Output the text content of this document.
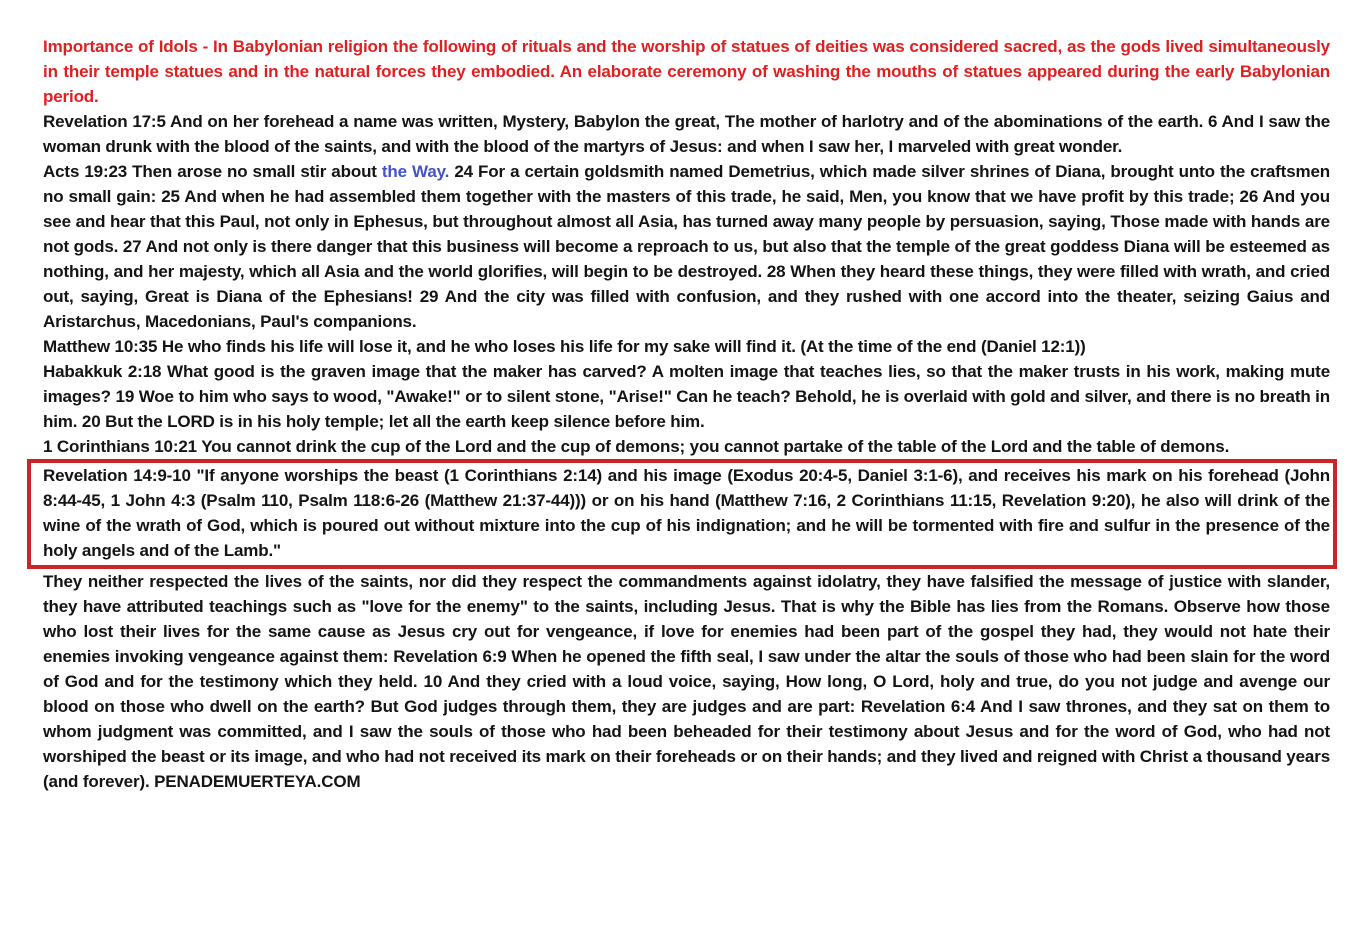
Importance of Idols - In Babylonian religion the following of rituals and the worship of statues of deities was considered sacred, as the gods lived simultaneously in their temple statues and in the natural forces they embodied. An elaborate ceremony of washing the mouths of statues appeared during the early Babylonian period.

Revelation 17:5 And on her forehead a name was written, Mystery, Babylon the great, The mother of harlotry and of the abominations of the earth. 6 And I saw the woman drunk with the blood of the saints, and with the blood of the martyrs of Jesus: and when I saw her, I marveled with great wonder.

Acts 19:23 Then arose no small stir about the Way. 24 For a certain goldsmith named Demetrius, which made silver shrines of Diana, brought unto the craftsmen no small gain: 25 And when he had assembled them together with the masters of this trade, he said, Men, you know that we have profit by this trade; 26 And you see and hear that this Paul, not only in Ephesus, but throughout almost all Asia, has turned away many people by persuasion, saying, Those made with hands are not gods. 27 And not only is there danger that this business will become a reproach to us, but also that the temple of the great goddess Diana will be esteemed as nothing, and her majesty, which all Asia and the world glorifies, will begin to be destroyed. 28 When they heard these things, they were filled with wrath, and cried out, saying, Great is Diana of the Ephesians! 29 And the city was filled with confusion, and they rushed with one accord into the theater, seizing Gaius and Aristarchus, Macedonians, Paul's companions.

Matthew 10:35 He who finds his life will lose it, and he who loses his life for my sake will find it. (At the time of the end (Daniel 12:1))

Habakkuk 2:18 What good is the graven image that the maker has carved? A molten image that teaches lies, so that the maker trusts in his work, making mute images? 19 Woe to him who says to wood, "Awake!" or to silent stone, "Arise!" Can he teach? Behold, he is overlaid with gold and silver, and there is no breath in him. 20 But the LORD is in his holy temple; let all the earth keep silence before him.

1 Corinthians 10:21 You cannot drink the cup of the Lord and the cup of demons; you cannot partake of the table of the Lord and the table of demons.

Revelation 14:9-10 "If anyone worships the beast (1 Corinthians 2:14) and his image (Exodus 20:4-5, Daniel 3:1-6), and receives his mark on his forehead (John 8:44-45, 1 John 4:3 (Psalm 110, Psalm 118:6-26 (Matthew 21:37-44))) or on his hand (Matthew 7:16, 2 Corinthians 11:15, Revelation 9:20), he also will drink of the wine of the wrath of God, which is poured out without mixture into the cup of his indignation; and he will be tormented with fire and sulfur in the presence of the holy angels and of the Lamb."

They neither respected the lives of the saints, nor did they respect the commandments against idolatry, they have falsified the message of justice with slander, they have attributed teachings such as "love for the enemy" to the saints, including Jesus. That is why the Bible has lies from the Romans. Observe how those who lost their lives for the same cause as Jesus cry out for vengeance, if love for enemies had been part of the gospel they had, they would not hate their enemies invoking vengeance against them: Revelation 6:9 When he opened the fifth seal, I saw under the altar the souls of those who had been slain for the word of God and for the testimony which they held. 10 And they cried with a loud voice, saying, How long, O Lord, holy and true, do you not judge and avenge our blood on those who dwell on the earth? But God judges through them, they are judges and are part: Revelation 6:4 And I saw thrones, and they sat on them to whom judgment was committed, and I saw the souls of those who had been beheaded for their testimony about Jesus and for the word of God, who had not worshiped the beast or its image, and who had not received its mark on their foreheads or on their hands; and they lived and reigned with Christ a thousand years (and forever). PENADEMUERTEYA.COM
